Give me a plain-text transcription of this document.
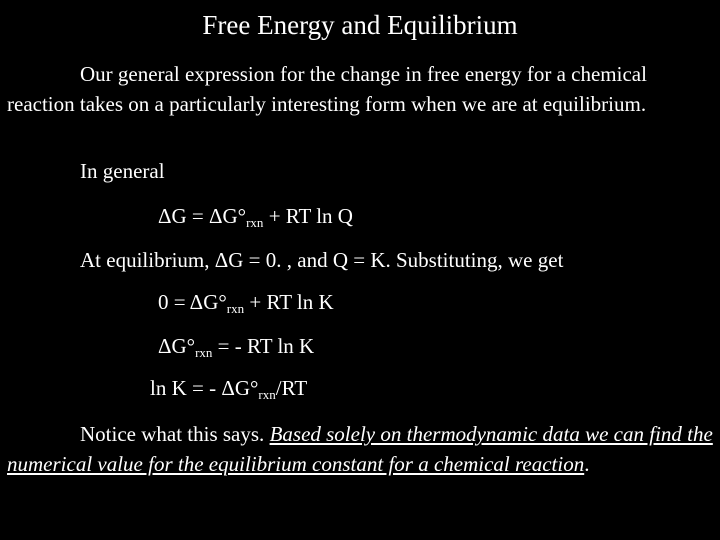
Free Energy and Equilibrium
Our general expression for the change in free energy for a chemical reaction takes on a particularly interesting form when we are at equilibrium.
In general
$\Delta G = \Delta G^\circ_{rxn}$ + RT ln Q
At equilibrium, ΔG = 0. , and Q = K. Substituting, we get
$0 = \Delta G^\circ_{rxn}$ + RT ln K
$\Delta G^\circ_{rxn}$ = - RT ln K
ln K = - $\Delta G^\circ_{rxn}/RT$
Notice what this says. Based solely on thermodynamic data we can find the numerical value for the equilibrium constant for a chemical reaction.
